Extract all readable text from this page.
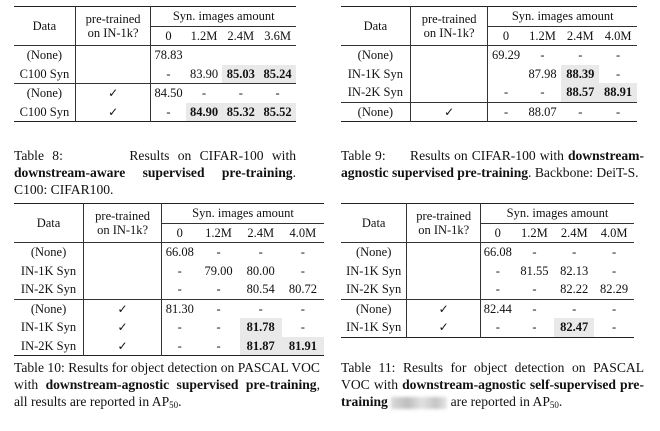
Data	pre-trained
on IN-1k?	Syn. images amount			
		0	1.2M	2.4M	3.6M
(None)		78.83			
C100 Syn		-	83.90	85.03	85.24
(None)	✓	84.50	-	-	-
C100 Syn	✓	-	84.90	85.32	85.52
Table 8:	Results on CIFAR-100 with downstream-aware supervised pre-training. C100: CIFAR100.
Data	pre-trained
on IN-1k?	Syn. images amount			
		0	1.2M	2.4M	4.0M
(None)		69.29	-	-	-
IN-1K Syn			87.98	88.39	-
IN-2K Syn		-	-	88.57	88.91
(None)	✓	-	88.07	-	-
Table 9: Results on CIFAR-100 with downstream-agnostic supervised pre-training. Backbone: DeiT-S.
Data	pre-trained
on IN-1k?	Syn. images amount			
		0	1.2M	2.4M	4.0M
(None)		66.08	-	-	-
IN-1K Syn		-	79.00	80.00	-
IN-2K Syn		-	-	80.54	80.72
(None)	✓	81.30	-	-	-
IN-1K Syn	✓	-	-	81.78	-
IN-2K Syn	✓	-	-	81.87	81.91
Table 10: Results for object detection on PASCAL VOC with downstream-agnostic supervised pre-training, all results are reported in $AP_{50}$.
Data	pre-trained
on IN-1k?	Syn. images amount			
		0	1.2M	2.4M	4.0M
(None)		66.08	-	-	-
IN-1K Syn		-	81.55	82.13	-
IN-2K Syn		-	-	82.22	82.29
(None)	✓	82.44	-	-	-
IN-1K Syn	✓	-	-	82.47	-
Table 11: Results for object detection on PASCAL VOC with downstream-agnostic self-supervised pre-training	are reported in $AP_{50}$.
